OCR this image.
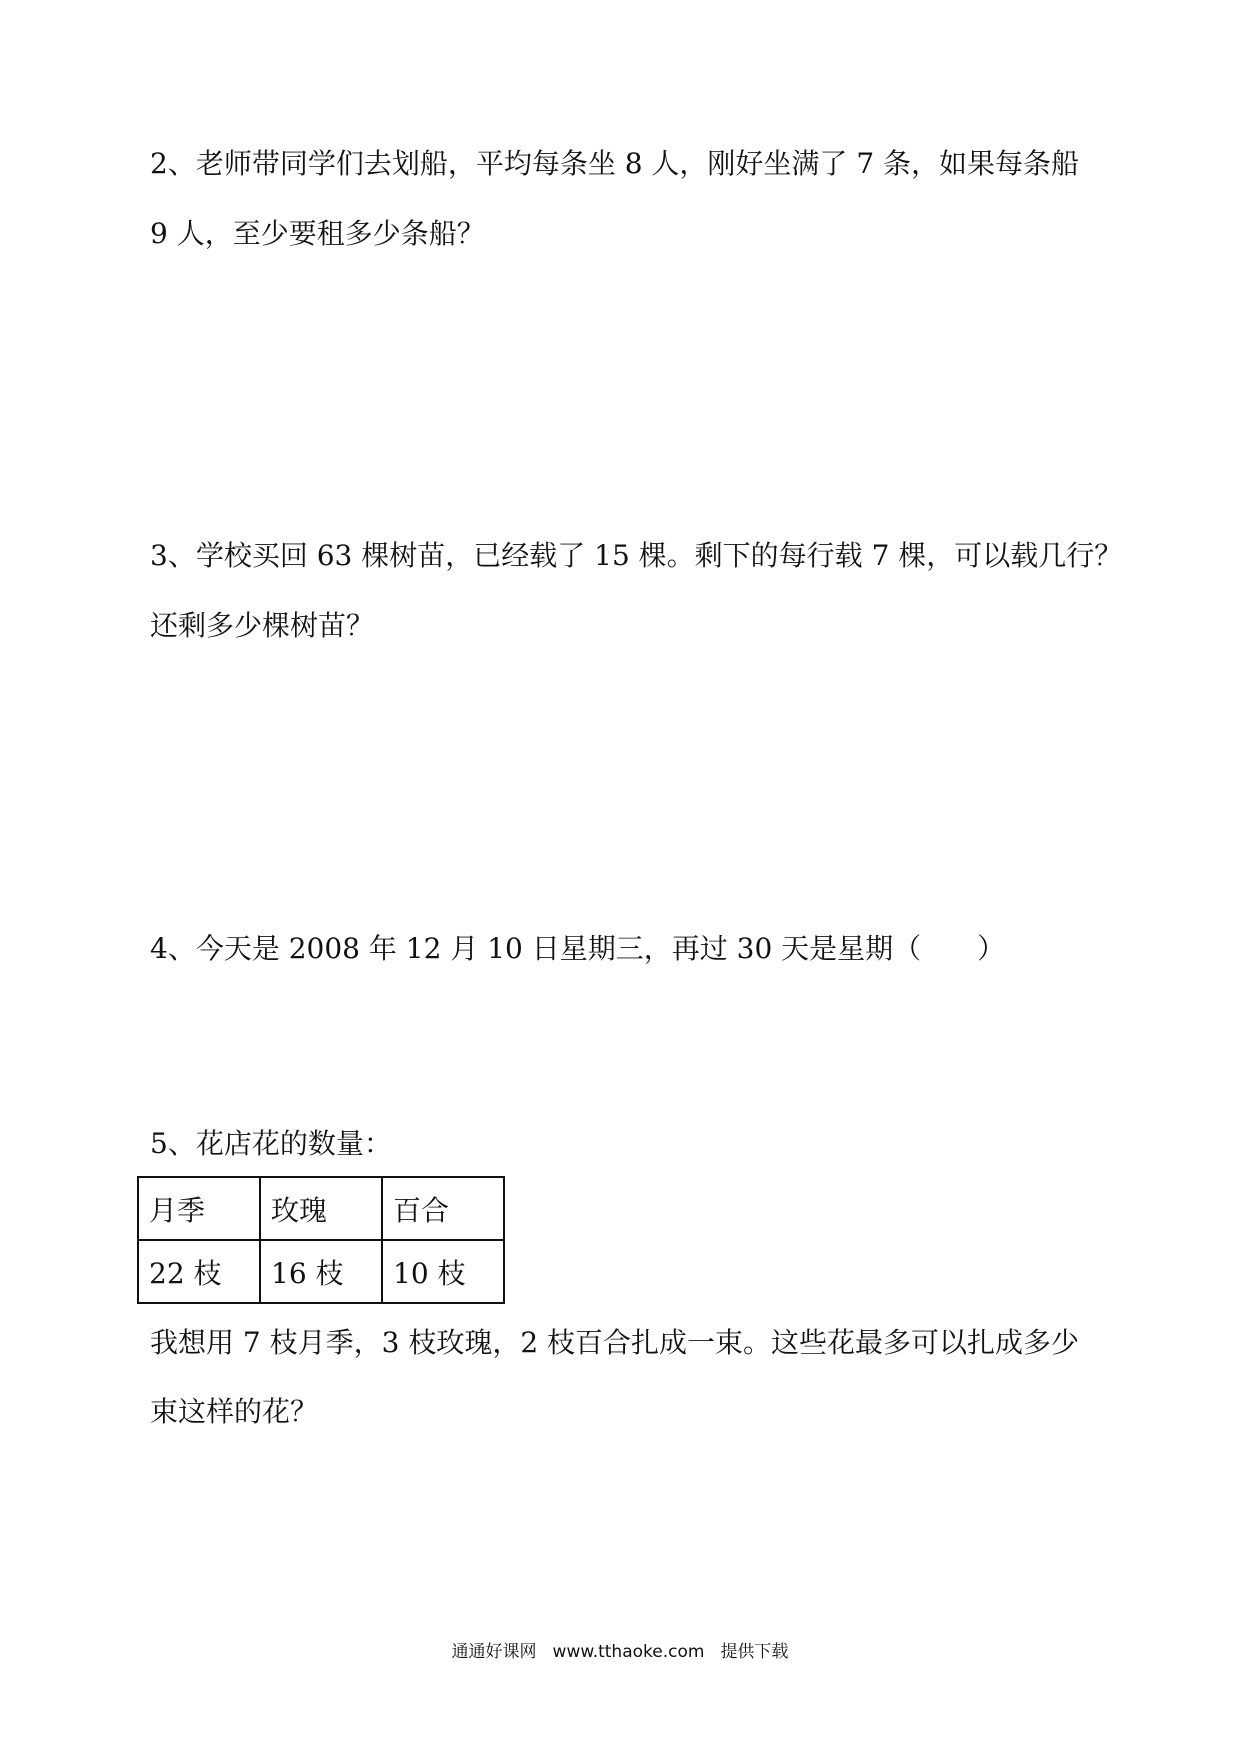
2、老师带同学们去划船，平均每条坐 8 人，刚好坐满了 7 条，如果每条船
9 人，至少要租多少条船？
3、学校买回 63 棵树苗，已经载了 15 棵。剩下的每行载 7 棵，可以载几行？
还剩多少棵树苗？
4、今天是 2008 年 12 月 10 日星期三，再过 30 天是星期（　　）
5、花店花的数量：
月季	玫瑰	百合
22 枝	16 枝	10 枝
我想用 7 枝月季，3 枝玫瑰，2 枝百合扎成一束。这些花最多可以扎成多少
束这样的花？
通通好课网 www.tthaoke.com 提供下载
